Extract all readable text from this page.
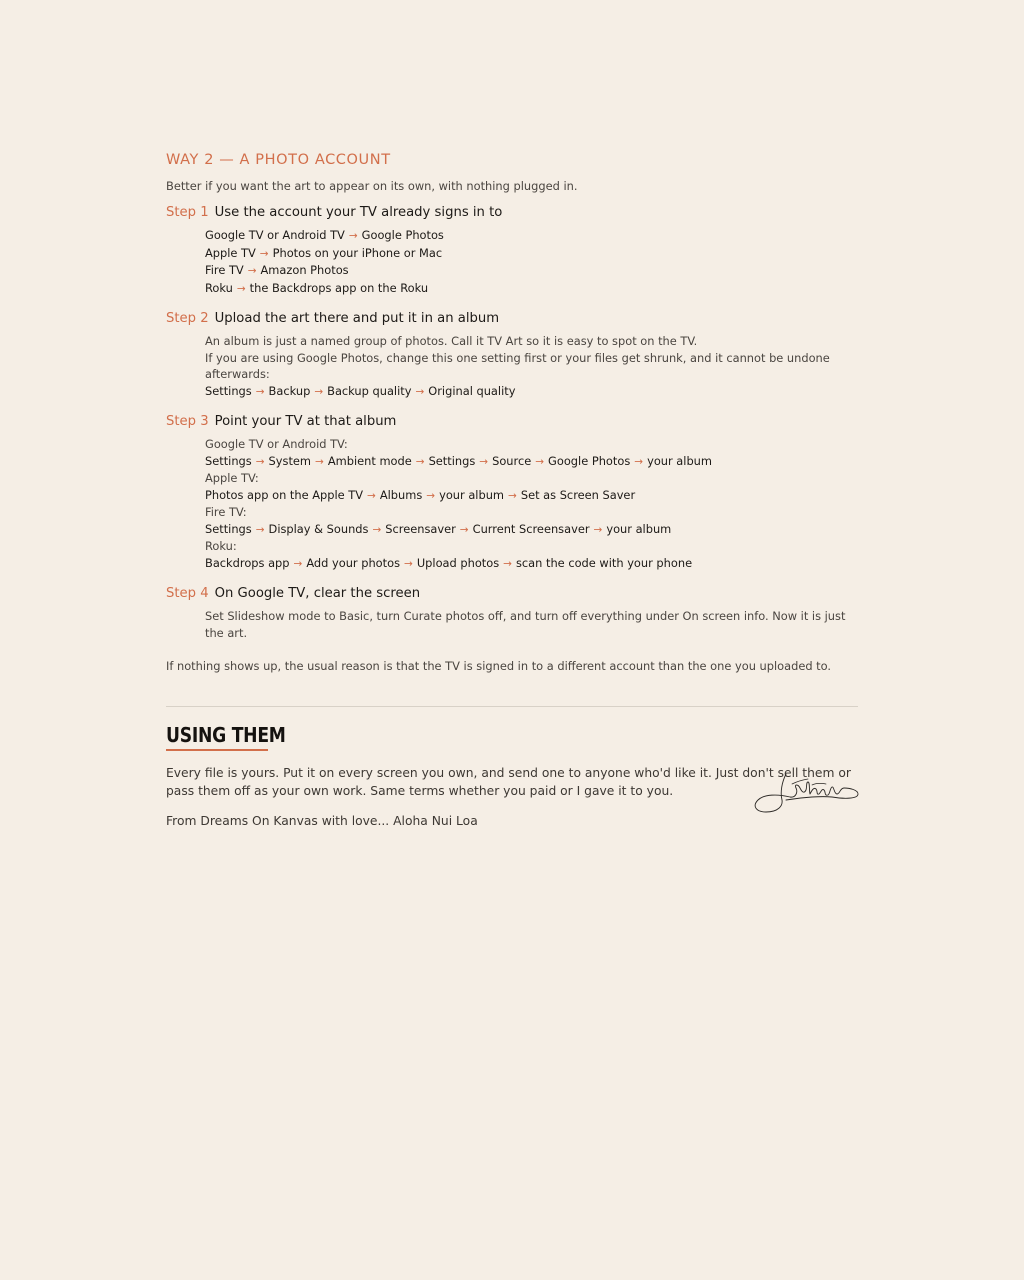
WAY 2 — A PHOTO ACCOUNT
Better if you want the art to appear on its own, with nothing plugged in.
Step 1 Use the account your TV already signs in to
Google TV or Android TV → Google Photos
Apple TV → Photos on your iPhone or Mac
Fire TV → Amazon Photos
Roku → the Backdrops app on the Roku
Step 2 Upload the art there and put it in an album
An album is just a named group of photos. Call it TV Art so it is easy to spot on the TV.
If you are using Google Photos, change this one setting first or your files get shrunk, and it cannot be undone afterwards:
Settings → Backup → Backup quality → Original quality
Step 3 Point your TV at that album
Google TV or Android TV:
Settings → System → Ambient mode → Settings → Source → Google Photos → your album
Apple TV:
Photos app on the Apple TV → Albums → your album → Set as Screen Saver
Fire TV:
Settings → Display & Sounds → Screensaver → Current Screensaver → your album
Roku:
Backdrops app → Add your photos → Upload photos → scan the code with your phone
Step 4 On Google TV, clear the screen
Set Slideshow mode to Basic, turn Curate photos off, and turn off everything under On screen info. Now it is just the art.
If nothing shows up, the usual reason is that the TV is signed in to a different account than the one you uploaded to.
USING THEM
Every file is yours. Put it on every screen you own, and send one to anyone who'd like it. Just don't sell them or pass them off as your own work. Same terms whether you paid or I gave it to you.
From Dreams On Kanvas with love... Aloha Nui Loa
